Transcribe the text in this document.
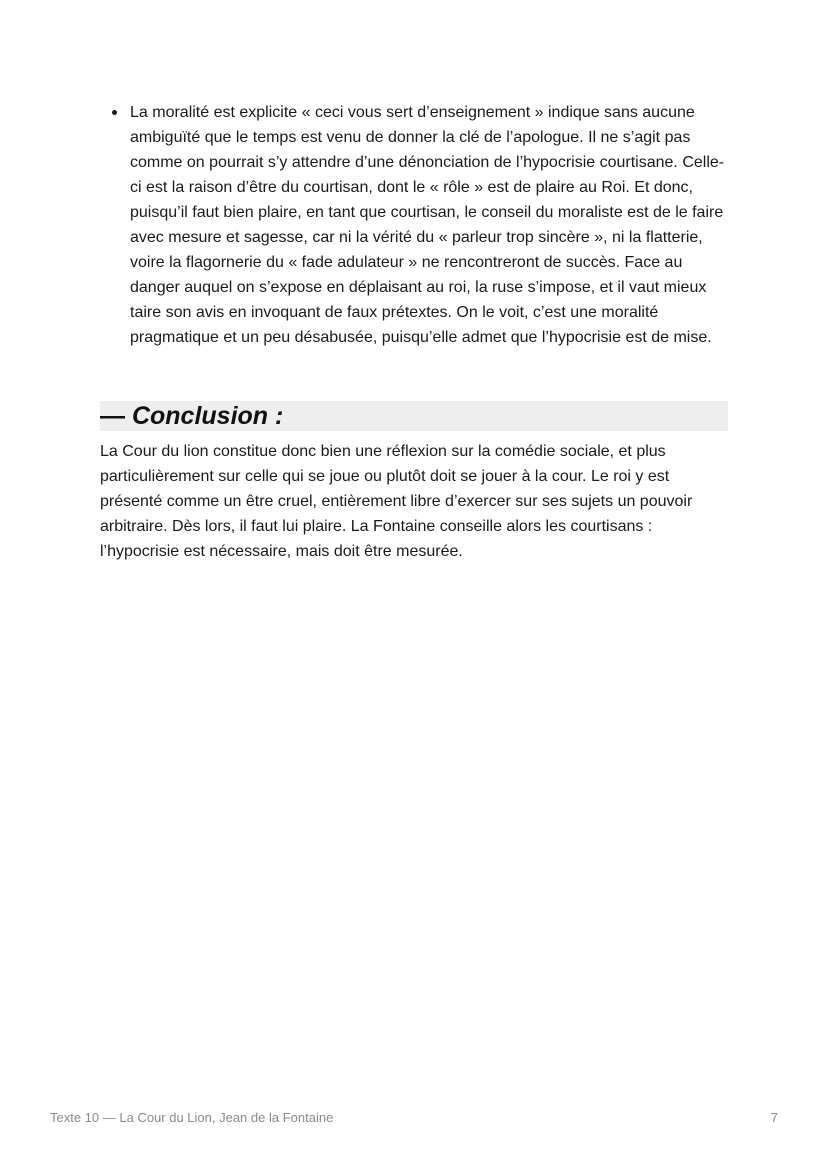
La moralité est explicite « ceci vous sert d’enseignement » indique sans aucune ambiguïté que le temps est venu de donner la clé de l’apologue. Il ne s’agit pas comme on pourrait s’y attendre d’une dénonciation de l’hypocrisie courtisane. Celle-ci est la raison d’être du courtisan, dont le « rôle » est de plaire au Roi. Et donc, puisqu’il faut bien plaire, en tant que courtisan, le conseil du moraliste est de le faire avec mesure et sagesse, car ni la vérité du « parleur trop sincère », ni la flatterie, voire la flagornerie du « fade adulateur » ne rencontreront de succès. Face au danger auquel on s’expose en déplaisant au roi, la ruse s’impose, et il vaut mieux taire son avis en invoquant de faux prétextes. On le voit, c’est une moralité pragmatique et un peu désabusée, puisqu’elle admet que l’hypocrisie est de mise.
— Conclusion :

La Cour du lion constitue donc bien une réflexion sur la comédie sociale, et plus particulièrement sur celle qui se joue ou plutôt doit se jouer à la cour. Le roi y est présenté comme un être cruel, entièrement libre d’exercer sur ses sujets un pouvoir arbitraire. Dès lors, il faut lui plaire. La Fontaine conseille alors les courtisans : l’hypocrisie est nécessaire, mais doit être mesurée.

Texte 10 — La Cour du Lion, Jean de la Fontaine	7
